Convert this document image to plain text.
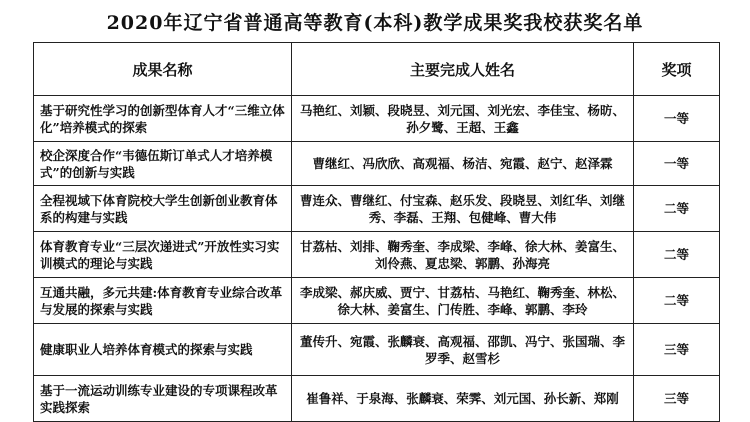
2020年辽宁省普通高等教育(本科)教学成果奖我校获奖名单
成果名称	主要完成人姓名	奖项
基于研究性学习的创新型体育人才“三维立体化”培养模式的探索	马艳红、刘颖、段晓昱、刘元国、刘光宏、李佳宝、杨昉、孙夕鹭、王超、王鑫	一等
校企深度合作“韦德伍斯订单式人才培养模式”的创新与实践	曹继红、冯欣欣、高观福、杨洁、宛霞、赵宁、赵泽霖	一等
全程视域下体育院校大学生创新创业教育体系的构建与实践	曹连众、曹继红、付宝森、赵乐发、段晓昱、刘红华、刘继秀、李磊、王翔、包健峰、曹大伟	二等
体育教育专业“三层次递进式”开放性实习实训模式的理论与实践	甘荔枯、刘排、鞠秀奎、李成梁、李峰、徐大林、姜富生、刘伶燕、夏忠梁、郭鹏、孙海亮	二等
互通共融，多元共建:体育教育专业综合改革与发展的探索与实践	李成梁、郝庆威、贾宁、甘荔枯、马艳红、鞠秀奎、林松、徐大林、姜富生、门传胜、李峰、郭鹏、李玲	二等
健康职业人培养体育模式的探索与实践	董传升、宛霞、张麟衰、高观福、邵凯、冯宁、张国瑞、李罗季、赵雪杉	三等
基于一流运动训练专业建设的专项课程改革实践探索	崔鲁祥、于泉海、张麟衰、荣霁、刘元国、孙长新、郑刚	三等
